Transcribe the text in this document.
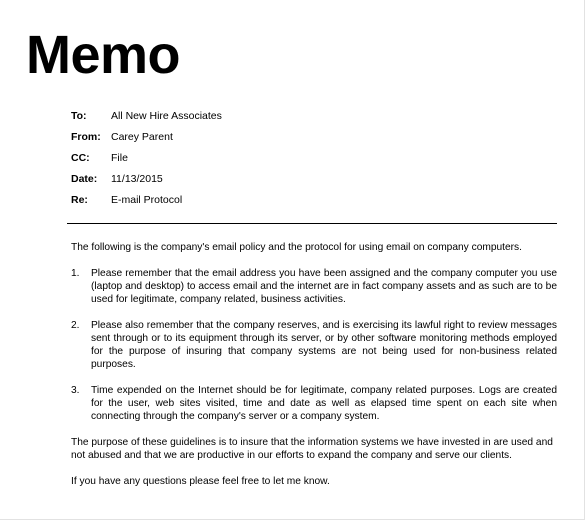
Memo
To:	All New Hire Associates
From: Carey Parent
CC:	File
Date:	11/13/2015
Re:	E-mail Protocol

The following is the company's email policy and the protocol for using email on company computers.

1.	Please remember that the email address you have been assigned and the company computer you use (laptop and desktop) to access email and the internet are in fact company assets and as such are to be used for legitimate, company related, business activities.
2.	Please also remember that the company reserves, and is exercising its lawful right to review messages sent through or to its equipment through its server, or by other software monitoring methods employed for the purpose of insuring that company systems are not being used for non-business related purposes.
3.	Time expended on the Internet should be for legitimate, company related purposes. Logs are created for the user, web sites visited, time and date as well as elapsed time spent on each site when connecting through the company's server or a company system.

The purpose of these guidelines is to insure that the information systems we have invested in are used and not abused and that we are productive in our efforts to expand the company and serve our clients.

If you have any questions please feel free to let me know.
